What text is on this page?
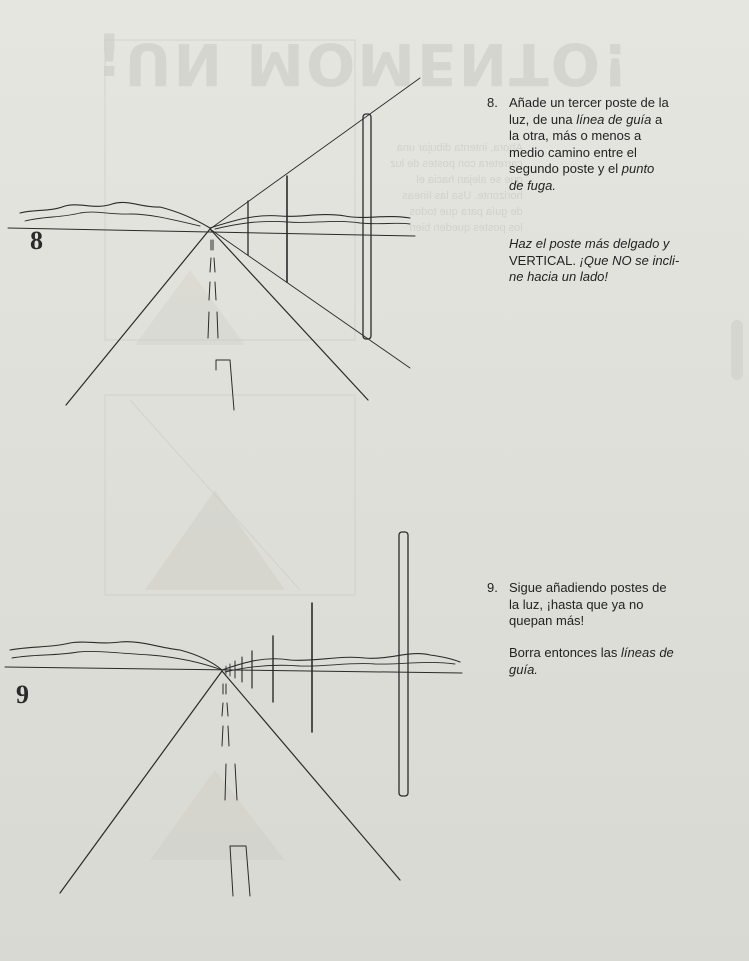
¡UN MOMENTO!
Ahora, intenta dibujar una
carretera con postes de luz
que se alejan hacia el
horizonte. Usa las líneas
de guía para que todos
los postes queden bien
8
9

8. Añade un tercer poste de la
luz, de una línea de guía a
la otra, más o menos a
medio camino entre el
segundo poste y el punto
de fuga.

Haz el poste más delgado y
VERTICAL. ¡Que NO se incli-
ne hacia un lado!

9. Sigue añadiendo postes de
la luz, ¡hasta que ya no
quepan más!

Borra entonces las líneas de
guía.
